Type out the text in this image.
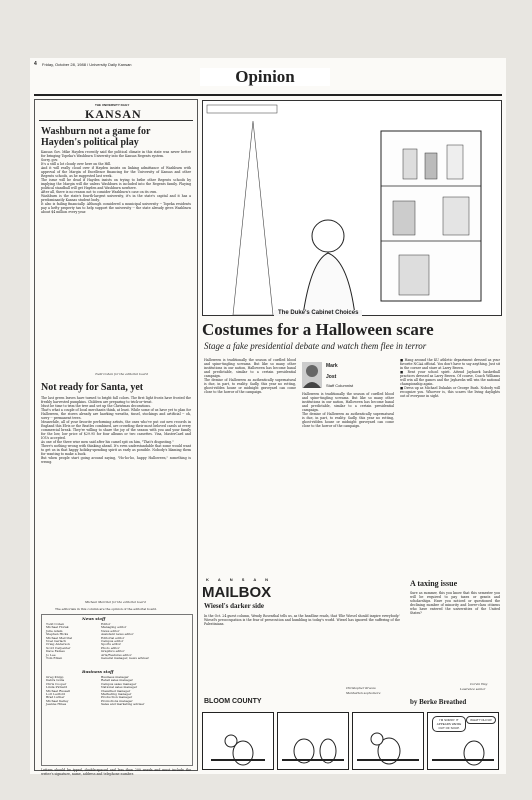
4 Friday, October 28, 1988 / University Daily Kansan
Opinion
THE UNIVERSITY DAILY
KANSAN
Washburn not a game for Hayden's political play
Kansas Gov. Mike Hayden recently said the political climate in this state was never better for bringing Topeka's Washburn University into the Kansas Regents system.
Sorry, gov.
It's a still a lot cloudy over here on the Hill.
And it will really cloud over if Hayden insists on linking admittance of Washburn with approval of the Margin of Excellence financing for the University of Kansas and other Regents schools, as he suggested last week.
The issue will be dead if Hayden insists on trying to bribe other Regents schools by implying the Margin will die unless Washburn is included into the Regents family. Playing political standball will get Hayden and Washburn nowhere.
After all, there is no reason not to consider Washburn's case on its own.
Washburn is the state's fourth-largest university, it's in the state's capital and it has a predominantly Kansas student body.
It also is failing financially. Although considered a municipal university -- Topeka residents pay a hefty property tax to help support the university -- the state already gives Washburn about $4 million every year.
Todd Cohen for the editorial board
Not ready for Santa, yet
The last green leaves have turned to bright fall colors. The first light frosts have frosted the freshly harvested pumpkins. Children are preparing to trick-or-treat.
Must be time to trim the tree and set up the Christmas decorations.
That's what a couple of local merchants think, at least. While some of us have yet to plan for Halloween, the stores already are hawking wreaths, tinsel, stockings and artificial -- oh, sorry -- permanent trees.
Meanwhile, all of your favorite performing artists, the ones who've put out new records in England this Elvis or the Beatles combined, are crowding their most beloved carols at every commercial break. They're willing to share the joy of the season with you and your family for the low, low price of $29.95 for four albums or two cassettes. Visa, MasterCard and IOUs accepted.
As one of the three wise men said after his camel spit on him, "That's disgusting."
There's nothing wrong with thinking ahead. It's even understandable that some would want to get us in that happy holiday-spending spirit as early as possible. Nobody's blaming them for wanting to make a buck.
But when people start going around saying, "Ho-ho-ho, happy Halloween," something is wrong.
Michael Mercital for the editorial board
The editorials in this column are the opinion of the editorial board.
News staff
Todd Cohen	Editor
Michael Horak	Managing editor
Julie Adam	News editor
Stephen Hicks	Assistant news editor
Michael Mercital	Editorial editor
Noel Gerlach	Campus editor
Craig Anderson	Sports editor
Scott Carpenter	Photo editor
Dave Eames	Graphics editor
Jo Lee	Arts/Features editor
Tom Eblen	General manager, news adviser
Business staff
Greg Knipp	Business manager
Debra Golia	Retail sales manager
Chris Cooper	Campus sales manager
Linda Pickard	National sales manager
Michael Russell	Classified manager
Lori Ledford	Marketing manager
Brad Luther	Production manager
Michael Kelley	Promotions manager
Jeanne Hines	Sales and marketing adviser
Letters should be typed, double-spaced and less than 200 words and must include the writer's signature, name, address and telephone number.
The Duke's Cabinet Choices
Costumes for a Halloween scare
Stage a fake presidential debate and watch them flee in terror
Halloween is traditionally the season of curdled blood and spine-tingling screams. But like so many other institutions in our nation, Halloween has become banal and predictable, similar to a certain presidential campaign.
The demise of Halloween as authentically supernatural is due, in part, to reality. Sadly, this year no rotting, ghost-ridden house or midnight graveyard can come close to the horror of the campaign.
Mark
Jost
Staff Columnist
Halloween is traditionally the season of curdled blood and spine-tingling screams. But like so many other institutions in our nation, Halloween has become banal and predictable, similar to a certain presidential campaign.
The demise of Halloween as authentically supernatural is due, in part, to reality. Sadly, this year no rotting, ghost-ridden house or midnight graveyard can come close to the horror of the campaign.
■ Hang around the KU athletic department dressed as your favorite NCAA official. You don't have to say anything. Just sit in the corner and stare at Larry Brown.
■ Rent your school spirit. Attend Jayhawk basketball practices dressed as Larry Brown. Of course, Coach Williams will win all the games and the Jayhawks will win the national championship again.
■ Dress up as Michael Dukakis or George Bush. Nobody will recognize you. Whoever is, this scares the living daylights out of everyone in sight.
K A N S A N
MAILBOX
Wiesel's darker side
In the Oct. 24 guest column, Wendy Rosenthal tells us, as the headline reads, that 'Elie Wiesel should inspire everybody.' Wiesel's preoccupation is the fear of persecution and humbling in today's world. Wiesel has ignored the suffering of the Palestinians.
Christopher Kraces
Manhattan sophomore
A taxing issue
Sure as summer, this you know that this semester you will be required to pay taxes or grants and scholarships. Have you noticed or questioned the declining number of minority and lower-class citizens who have entered the universities of the United States?
Corvin Way
Lawrence senior
BLOOM COUNTY	by Berke Breathed
I'M SORRY. IT APPEARS WE'RE OUT OF SOUP.
WHAT? OH NO!
